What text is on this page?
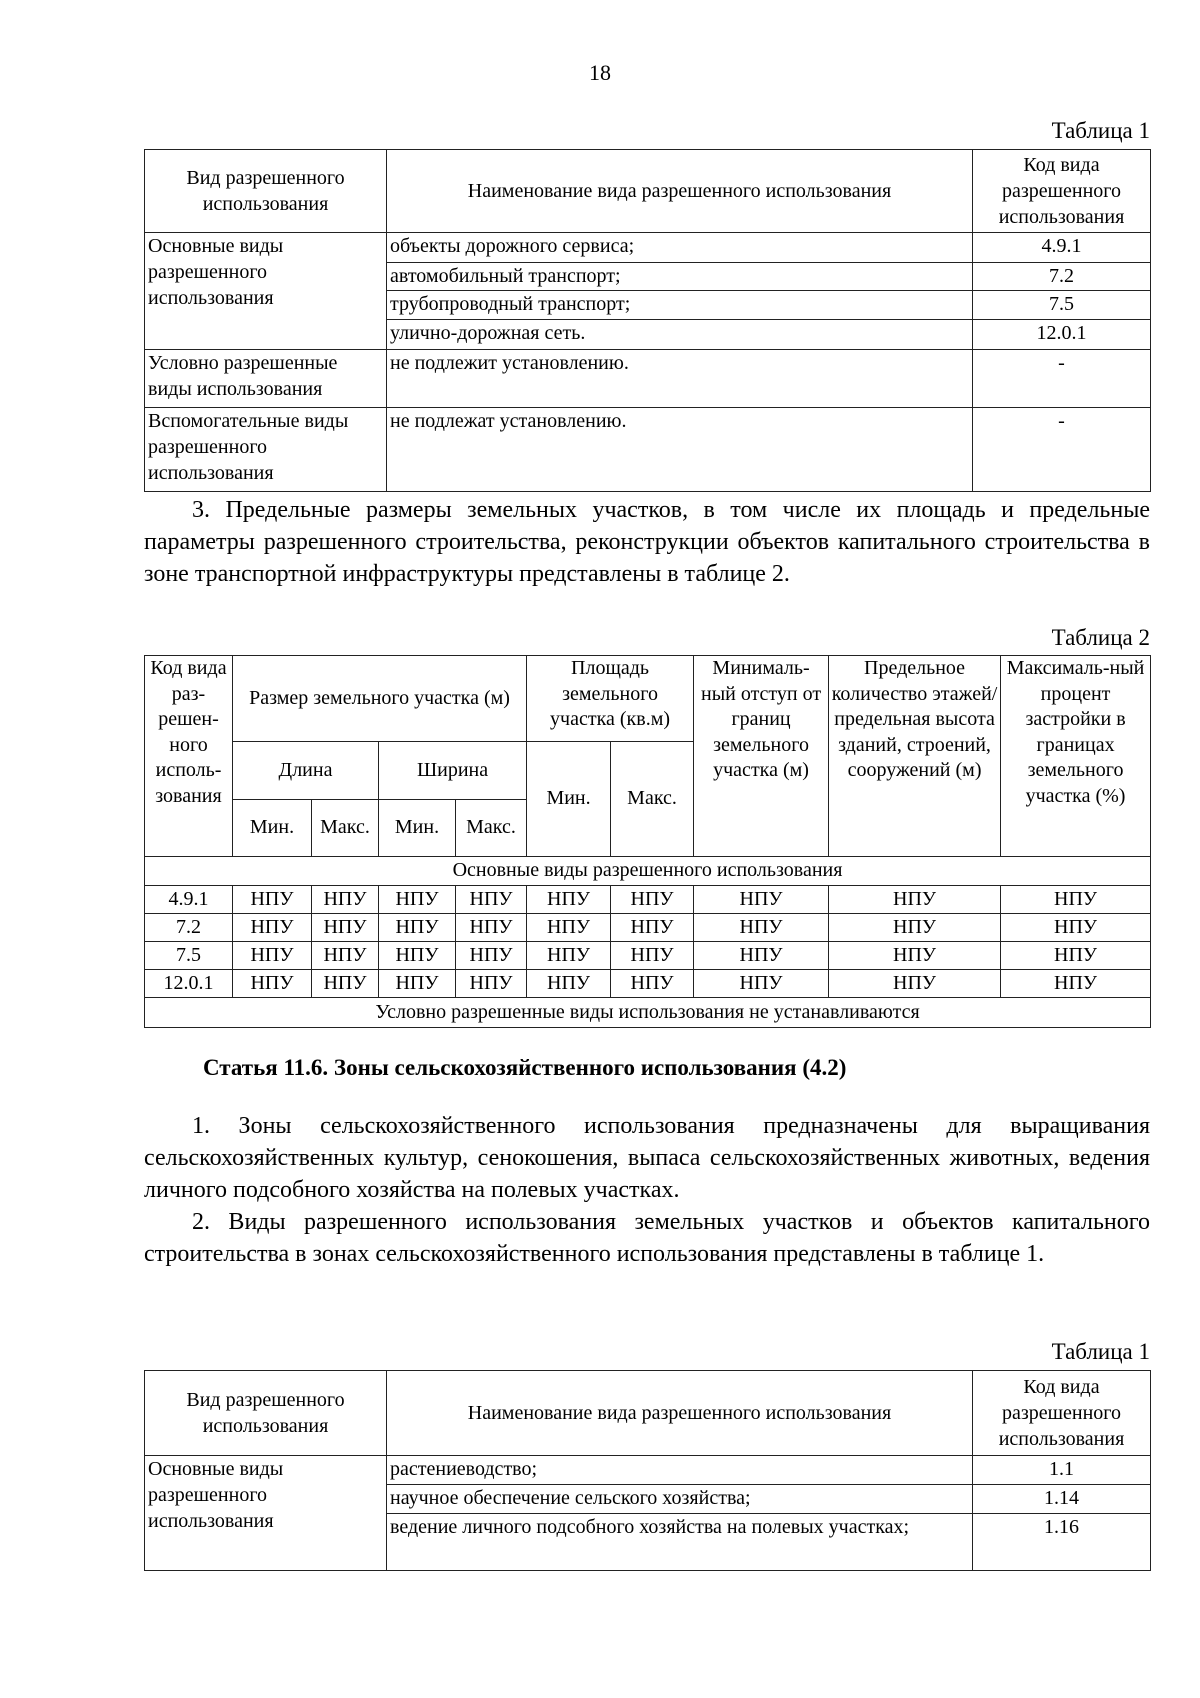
18
Таблица 1
Вид разрешенного использования	Наименование вида разрешенного использования	Код вида разрешенного использования
Основные виды разрешенного использования	объекты дорожного сервиса;	4.9.1
	автомобильный транспорт;	7.2
	трубопроводный транспорт;	7.5
	улично-дорожная сеть.	12.0.1
Условно разрешенные виды использования	не подлежит установлению.	-
Вспомогательные виды разрешенного использования	не подлежат установлению.	-

3. Предельные размеры земельных участков, в том числе их площадь и предельные параметры разрешенного строительства, реконструкции объектов капитального строительства в зоне транспортной инфраструктуры представлены в таблице 2.

Таблица 2
Код вида раз-решен-ного исполь-зования	Размер земельного участка (м)				Площадь земельного участка (кв.м)		Минималь-ный отступ от границ земельного участка (м)	Предельное количество этажей/ предельная высота зданий, строений, сооружений (м)	Максималь-ный процент застройки в границах земельного участка (%)
	Длина		Ширина		Мин.	Макс.			
	Мин.	Макс.	Мин.	Макс.					
Основные виды разрешенного использования									
4.9.1	НПУ	НПУ	НПУ	НПУ	НПУ	НПУ	НПУ	НПУ	НПУ
7.2	НПУ	НПУ	НПУ	НПУ	НПУ	НПУ	НПУ	НПУ	НПУ
7.5	НПУ	НПУ	НПУ	НПУ	НПУ	НПУ	НПУ	НПУ	НПУ
12.0.1	НПУ	НПУ	НПУ	НПУ	НПУ	НПУ	НПУ	НПУ	НПУ
Условно разрешенные виды использования не устанавливаются									
Статья 11.6. Зоны сельскохозяйственного использования (4.2)

1. Зоны сельскохозяйственного использования предназначены для выращивания сельскохозяйственных культур, сенокошения, выпаса сельскохозяйственных животных, ведения личного подсобного хозяйства на полевых участках.

2. Виды разрешенного использования земельных участков и объектов капитального строительства в зонах сельскохозяйственного использования представлены в таблице 1.

Таблица 1
Вид разрешенного использования	Наименование вида разрешенного использования	Код вида разрешенного использования
Основные виды разрешенного использования	растениеводство;	1.1
	научное обеспечение сельского хозяйства;	1.14
	ведение личного подсобного хозяйства на полевых участках;	1.16
